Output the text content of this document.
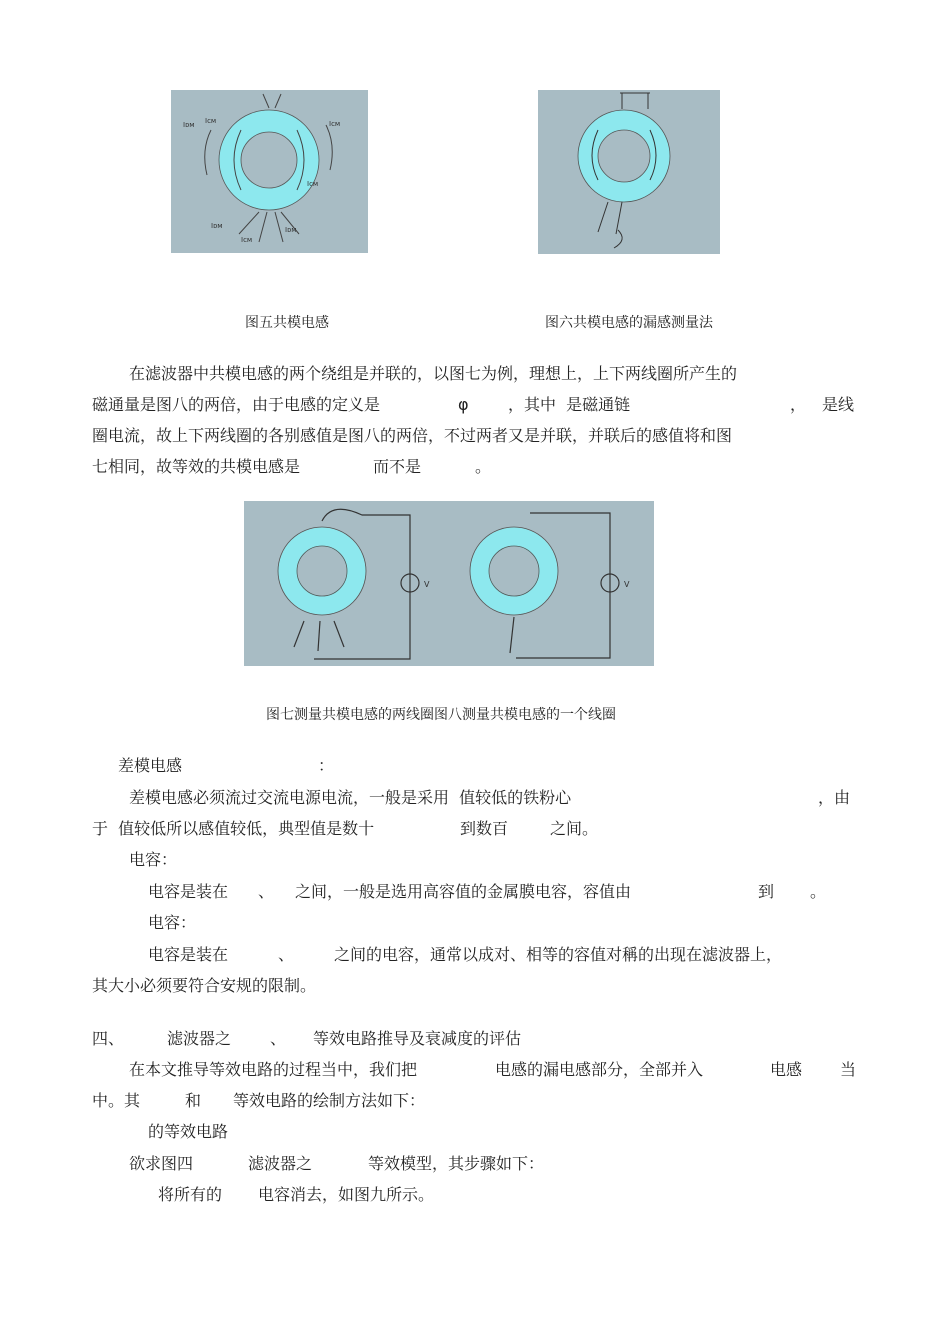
Iᴅᴍ Iᴄᴍ	Iᴄᴍ
Iᴄᴍ
Iᴅᴍ
Iᴄᴍ
Iᴅᴍ
图五共模电感	图六共模电感的漏感测量法
在滤波器中共模电感的两个绕组是并联的，以图七为例，理想上，上下两线圈所产生的
磁通量是图八的两倍，由于电感的定义是	φ ，其中  是磁通链	， 是线
圈电流，故上下两线圈的各别感值是图八的两倍，不过两者又是并联，并联后的感值将和图
七相同，故等效的共模电感是	而不是	。
V	V
图七测量共模电感的两线圈图八测量共模电感的一个线圈
差模电感	：
差模电感必须流过交流电源电流，一般是采用  值较低的铁粉心	，由
于  值较低所以感值较低，典型值是数十	到数百	之间。
电容：
电容是装在 、 之间，一般是选用高容值的金属膜电容，容值由	到 。
电容：
电容是装在	、 之间的电容，通常以成对、相等的容值对稱的出现在滤波器上，
其大小必须要符合安规的限制。
四、	滤波器之 、 等效电路推导及衰减度的评估
在本文推导等效电路的过程当中，我们把	电感的漏电感部分，全部并入	电感 当
中。其	和 等效电路的绘制方法如下：
的等效电路
欲求图四	滤波器之	等效模型，其步骤如下：
将所有的 电容消去，如图九所示。
